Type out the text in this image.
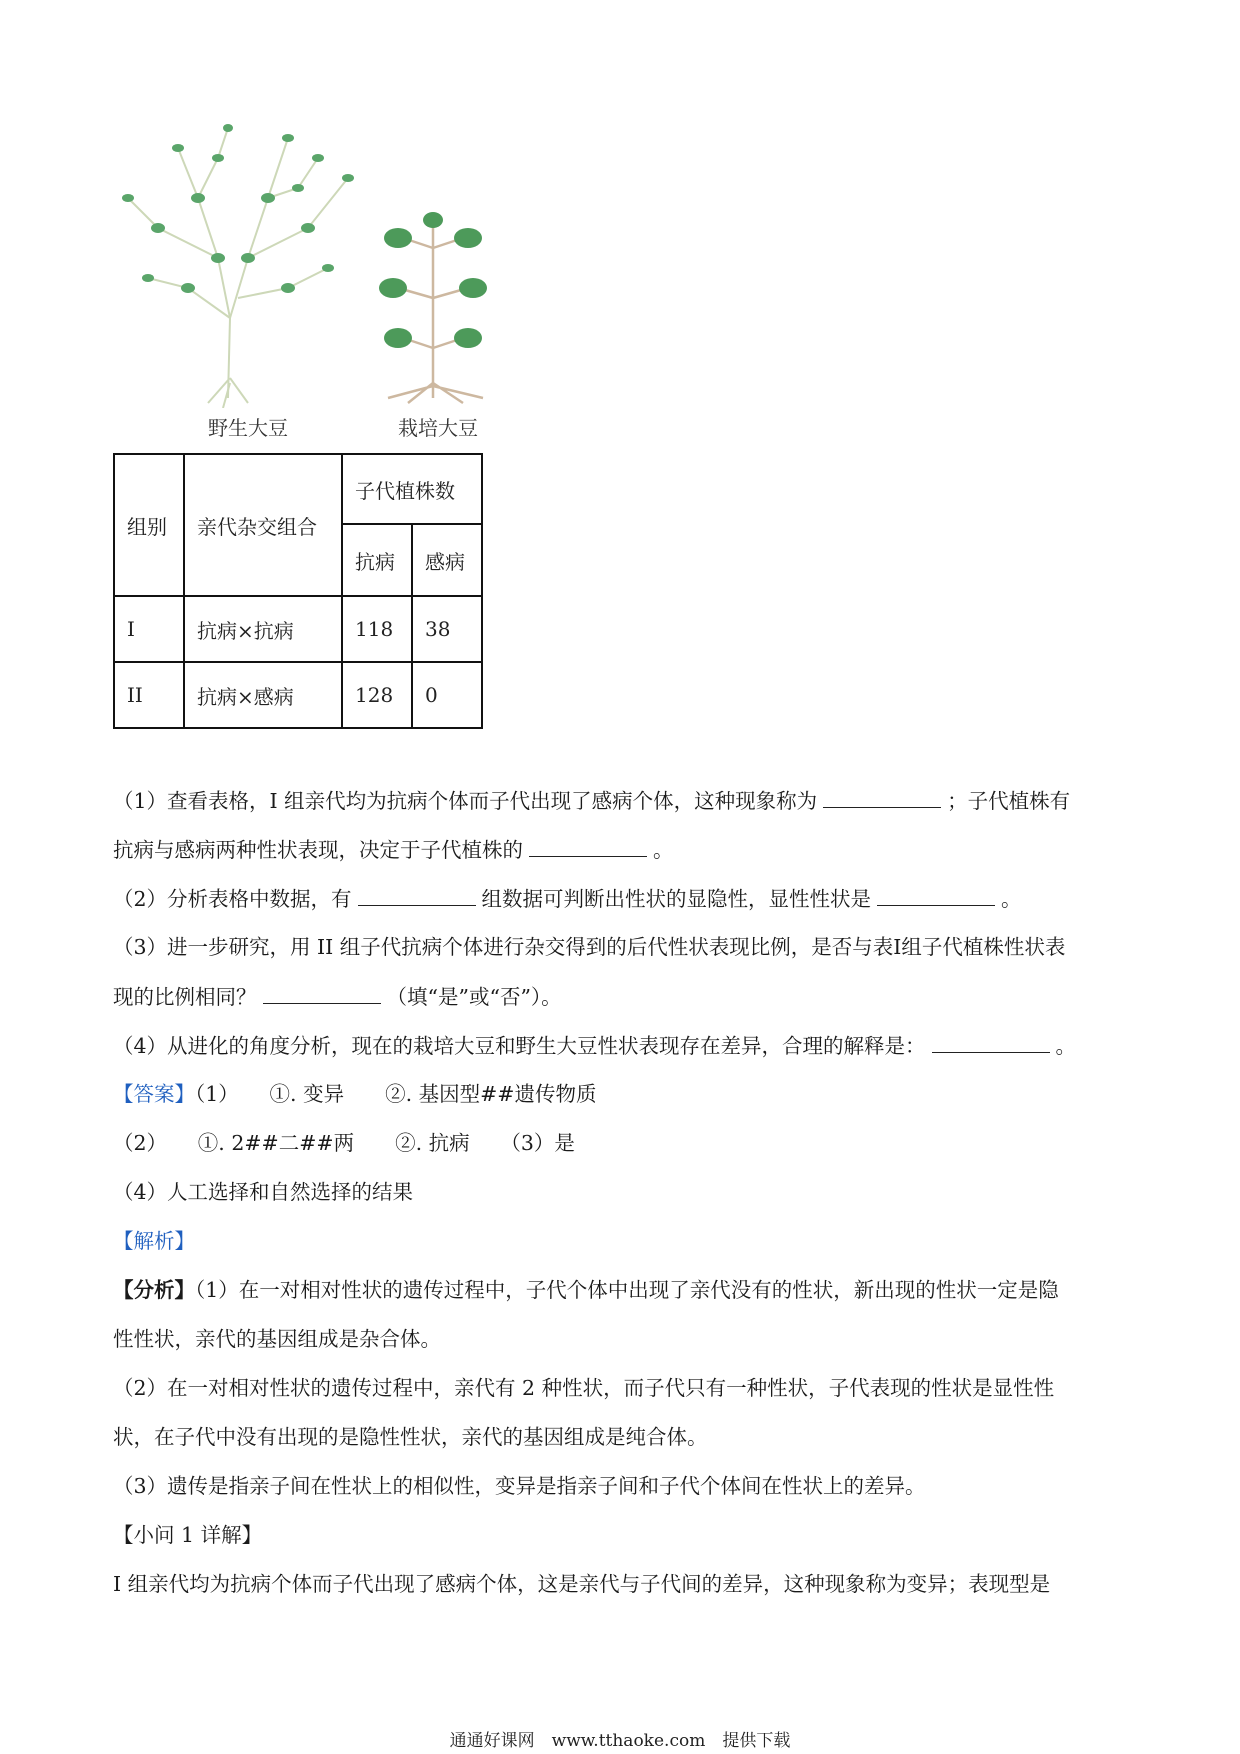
野生大豆	栽培大豆
组别	亲代杂交组合	子代植株数	
		抗病	感病
I	抗病×抗病	118	38
II	抗病×感病	128	0
（1）查看表格，I 组亲代均为抗病个体而子代出现了感病个体，这种现象称为	；子代植株有
抗病与感病两种性状表现，决定于子代植株的	。
（2）分析表格中数据，有	组数据可判断出性状的显隐性，显性性状是	。
（3）进一步研究，用 II 组子代抗病个体进行杂交得到的后代性状表现比例，是否与表I组子代植株性状表
现的比例相同？	（填“是”或“否”）。
（4）从进化的角度分析，现在的栽培大豆和野生大豆性状表现存在差异，合理的解释是：	。
【答案】（1）　　①. 变异　　②. 基因型##遗传物质
（2）　　①. 2##二##两　　②. 抗病　　（3）是
（4）人工选择和自然选择的结果
【解析】
【分析】（1）在一对相对性状的遗传过程中，子代个体中出现了亲代没有的性状，新出现的性状一定是隐
性性状，亲代的基因组成是杂合体。
（2）在一对相对性状的遗传过程中，亲代有 2 种性状，而子代只有一种性状，子代表现的性状是显性性
状，在子代中没有出现的是隐性性状，亲代的基因组成是纯合体。
（3）遗传是指亲子间在性状上的相似性，变异是指亲子间和子代个体间在性状上的差异。
【小问 1 详解】
I 组亲代均为抗病个体而子代出现了感病个体，这是亲代与子代间的差异，这种现象称为变异；表现型是
通通好课网　www.tthaoke.com　提供下载
